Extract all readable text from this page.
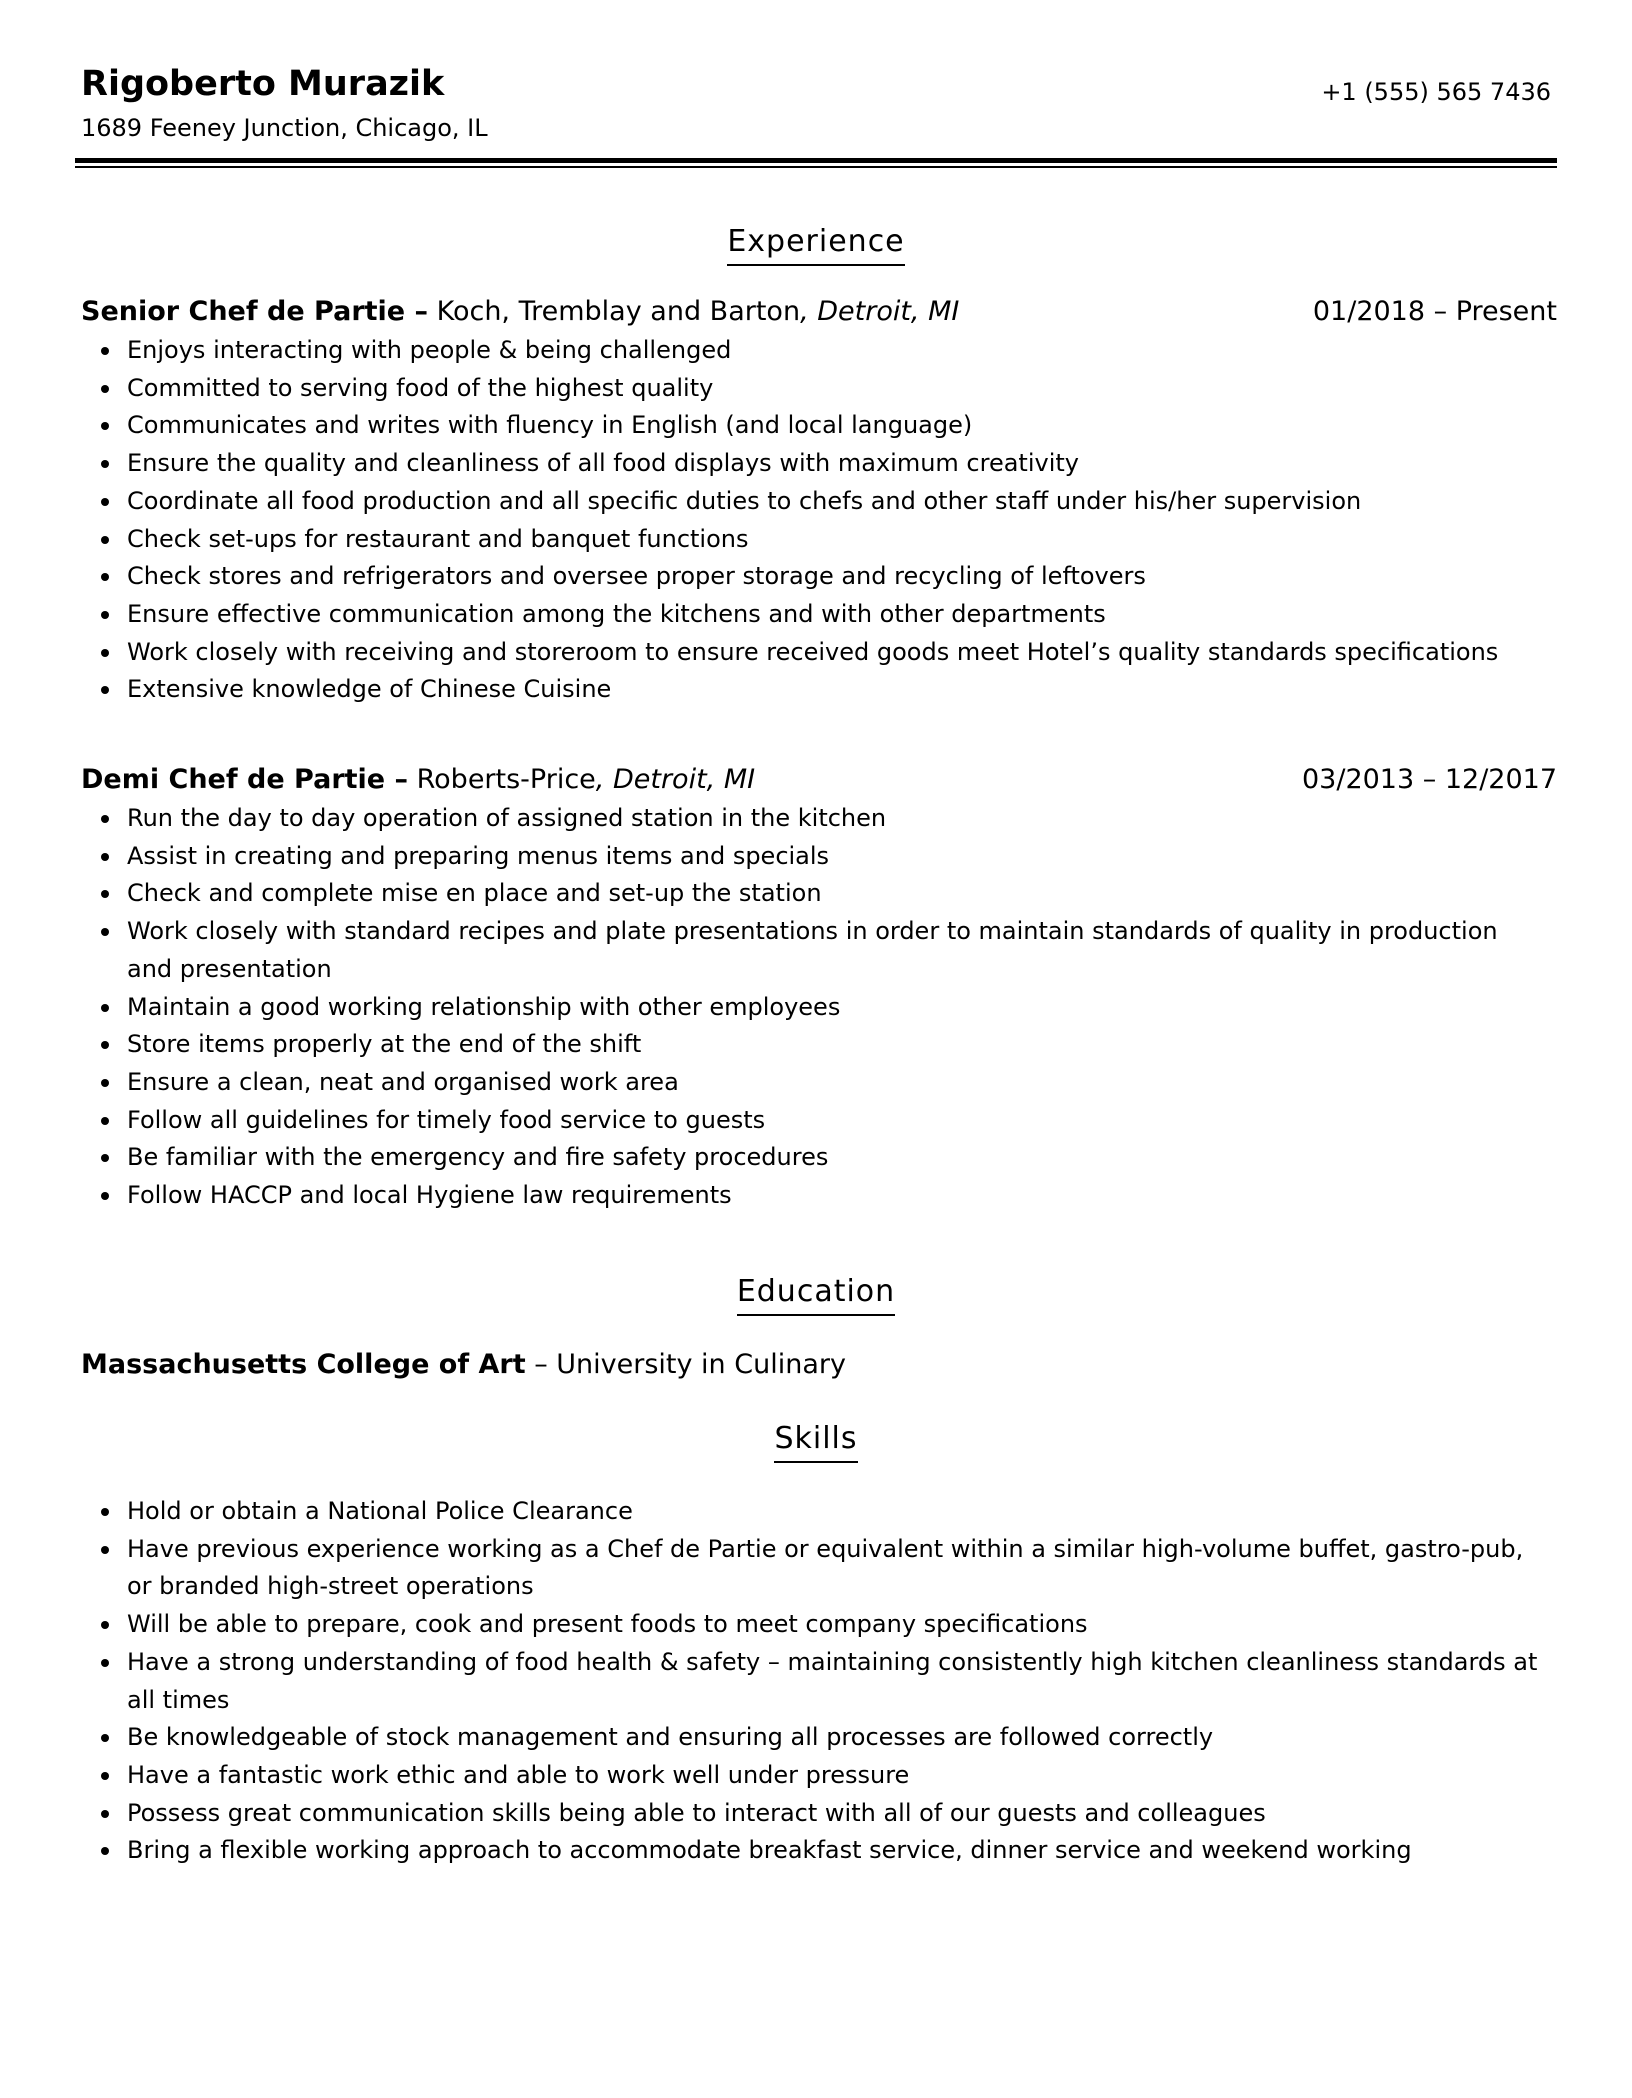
Rigoberto Murazik	+1 (555) 565 7436
1689 Feeney Junction, Chicago, IL
Experience
Senior Chef de Partie – Koch, Tremblay and Barton, Detroit, MI	01/2018 – Present
Enjoys interacting with people & being challenged
Committed to serving food of the highest quality
Communicates and writes with fluency in English (and local language)
Ensure the quality and cleanliness of all food displays with maximum creativity
Coordinate all food production and all specific duties to chefs and other staff under his/her supervision
Check set-ups for restaurant and banquet functions
Check stores and refrigerators and oversee proper storage and recycling of leftovers
Ensure effective communication among the kitchens and with other departments
Work closely with receiving and storeroom to ensure received goods meet Hotel’s quality standards specifications
Extensive knowledge of Chinese Cuisine
Demi Chef de Partie – Roberts-Price, Detroit, MI	03/2013 – 12/2017
Run the day to day operation of assigned station in the kitchen
Assist in creating and preparing menus items and specials
Check and complete mise en place and set-up the station
Work closely with standard recipes and plate presentations in order to maintain standards of quality in production and presentation
Maintain a good working relationship with other employees
Store items properly at the end of the shift
Ensure a clean, neat and organised work area
Follow all guidelines for timely food service to guests
Be familiar with the emergency and fire safety procedures
Follow HACCP and local Hygiene law requirements
Education
Massachusetts College of Art – University in Culinary
Skills
Hold or obtain a National Police Clearance
Have previous experience working as a Chef de Partie or equivalent within a similar high-volume buffet, gastro-pub, or branded high-street operations
Will be able to prepare, cook and present foods to meet company specifications
Have a strong understanding of food health & safety – maintaining consistently high kitchen cleanliness standards at all times
Be knowledgeable of stock management and ensuring all processes are followed correctly
Have a fantastic work ethic and able to work well under pressure
Possess great communication skills being able to interact with all of our guests and colleagues
Bring a flexible working approach to accommodate breakfast service, dinner service and weekend working
